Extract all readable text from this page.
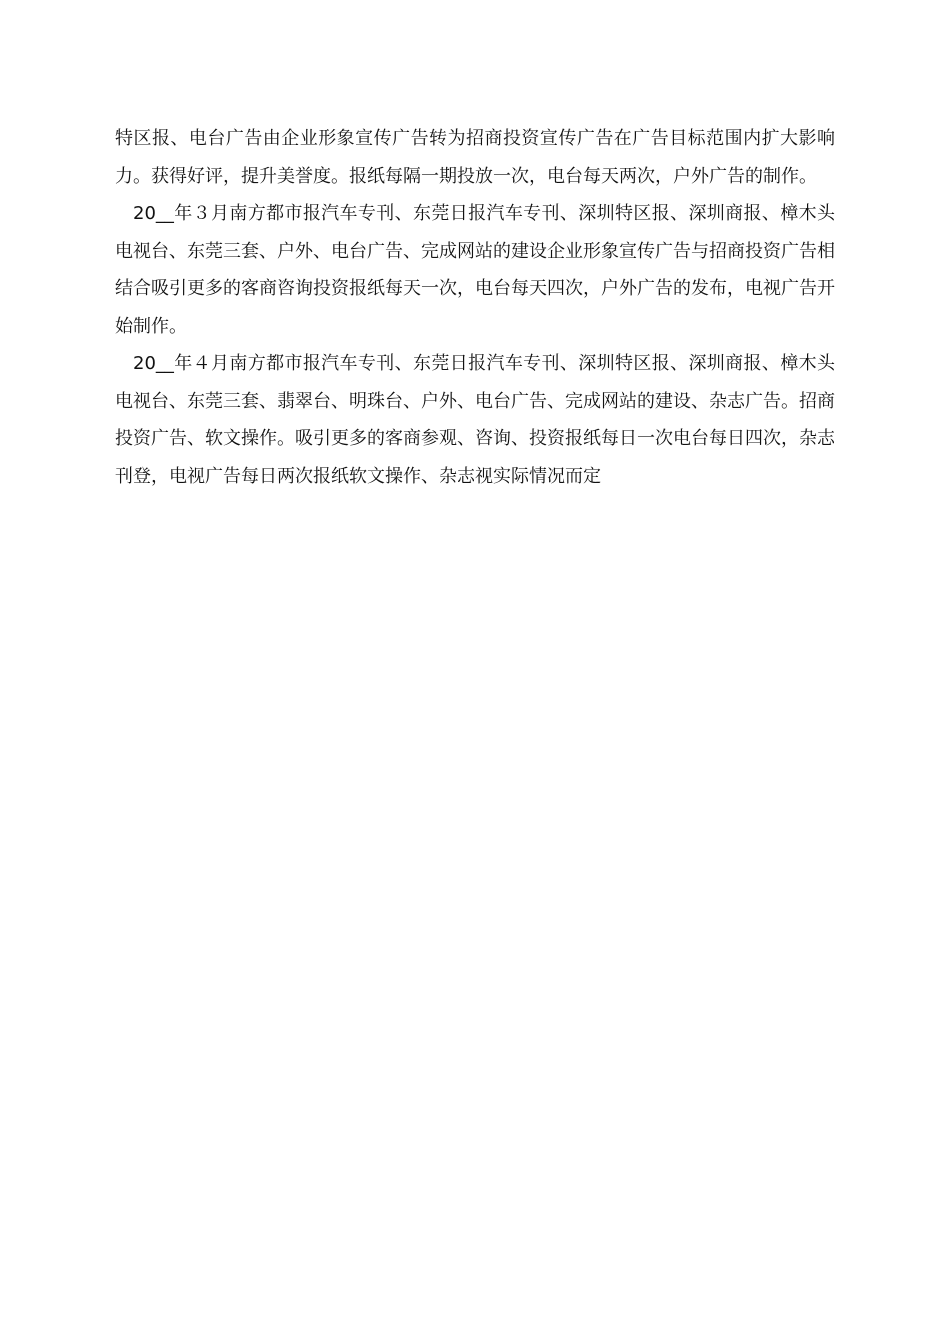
特区报、电台广告由企业形象宣传广告转为招商投资宣传广告在广告目标范围内扩大影响力。获得好评，提升美誉度。报纸每隔一期投放一次，电台每天两次，户外广告的制作。

20__年３月南方都市报汽车专刊、东莞日报汽车专刊、深圳特区报、深圳商报、樟木头电视台、东莞三套、户外、电台广告、完成网站的建设企业形象宣传广告与招商投资广告相结合吸引更多的客商咨询投资报纸每天一次，电台每天四次，户外广告的发布，电视广告开始制作。

20__年４月南方都市报汽车专刊、东莞日报汽车专刊、深圳特区报、深圳商报、樟木头电视台、东莞三套、翡翠台、明珠台、户外、电台广告、完成网站的建设、杂志广告。招商投资广告、软文操作。吸引更多的客商参观、咨询、投资报纸每日一次电台每日四次，杂志刊登，电视广告每日两次报纸软文操作、杂志视实际情况而定
